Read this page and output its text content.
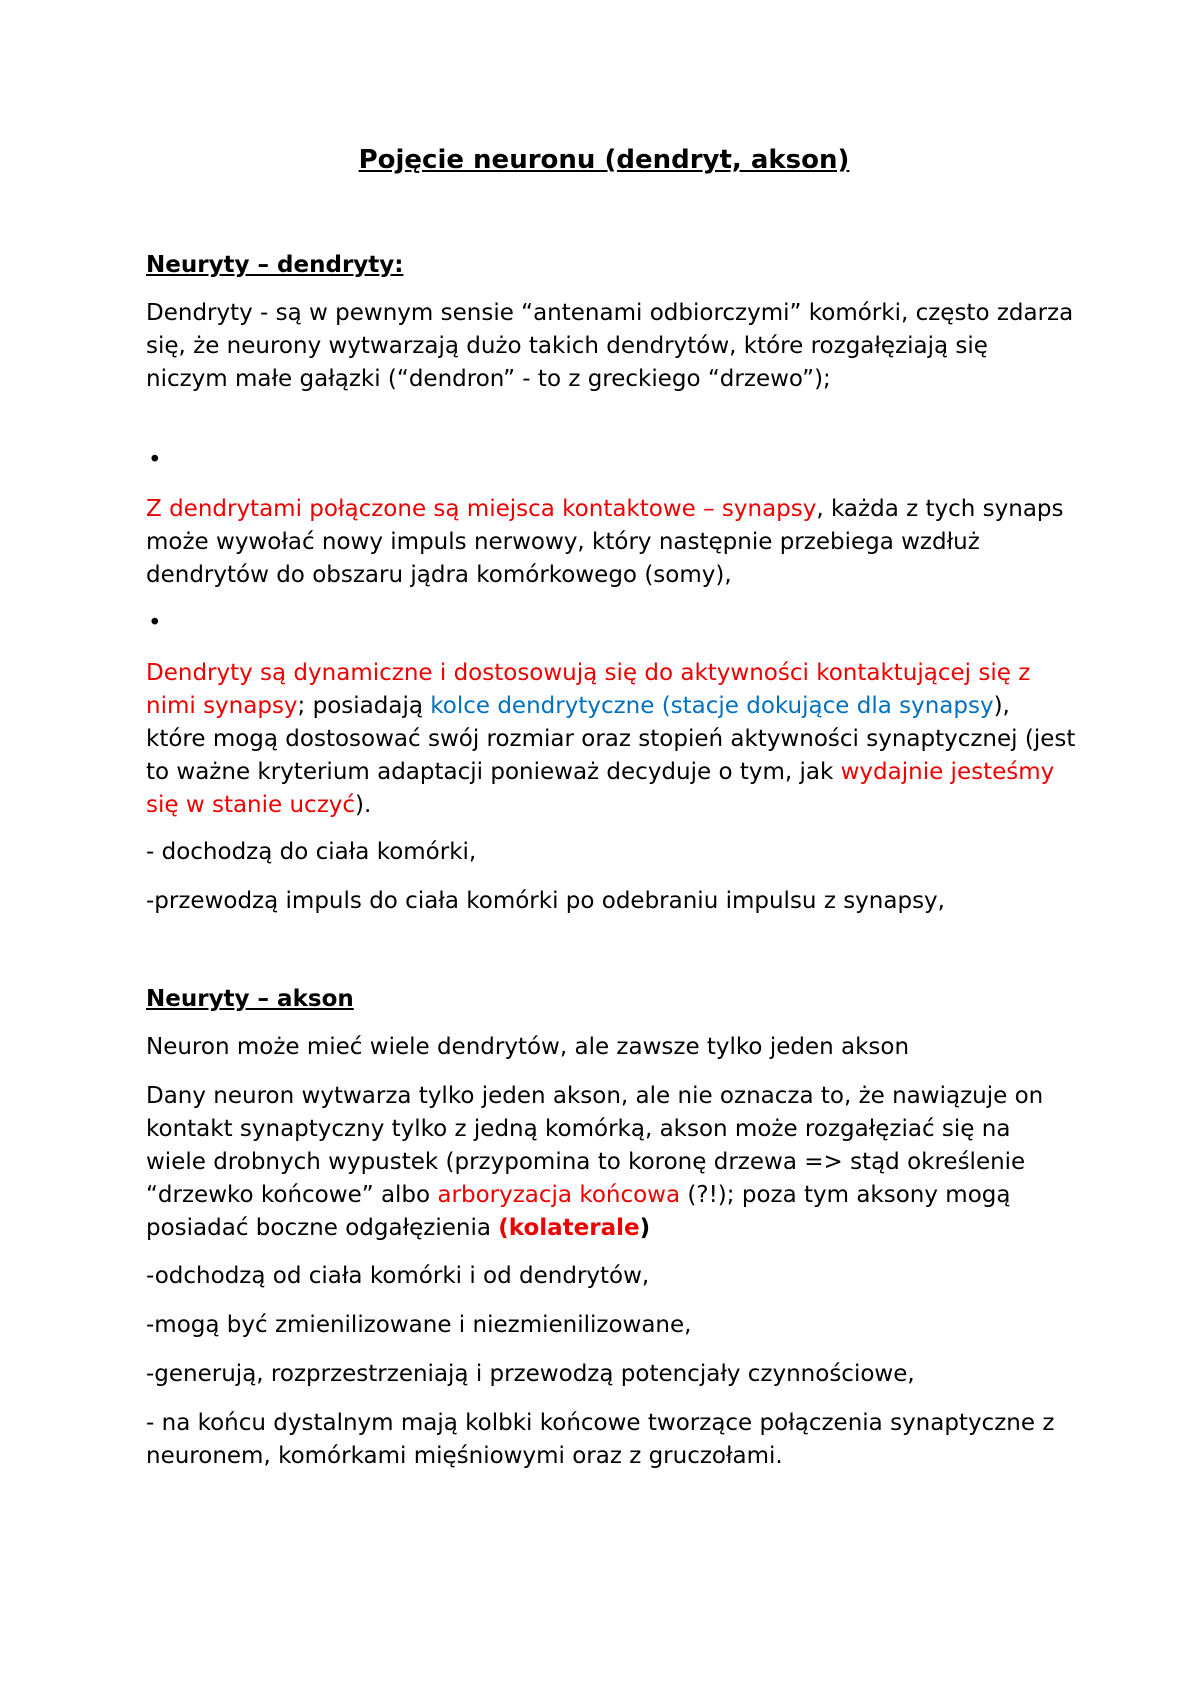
Pojęcie neuronu (dendryt, akson)

Neuryty – dendryty:

Dendryty - są w pewnym sensie “antenami odbiorczymi” komórki, często zdarza się, że neurony wytwarzają dużo takich dendrytów, które rozgałęziają się niczym małe gałązki (“dendron” - to z greckiego “drzewo”);

•

Z dendrytami połączone są miejsca kontaktowe – synapsy, każda z tych synaps może wywołać nowy impuls nerwowy, który następnie przebiega wzdłuż dendrytów do obszaru jądra komórkowego (somy),

•

Dendryty są dynamiczne i dostosowują się do aktywności kontaktującej się z nimi synapsy; posiadają kolce dendrytyczne (stacje dokujące dla synapsy), które mogą dostosować swój rozmiar oraz stopień aktywności synaptycznej (jest to ważne kryterium adaptacji ponieważ decyduje o tym, jak wydajnie jesteśmy się w stanie uczyć).

- dochodzą do ciała komórki,

-przewodzą impuls do ciała komórki po odebraniu impulsu z synapsy,

Neuryty – akson

Neuron może mieć wiele dendrytów, ale zawsze tylko jeden akson

Dany neuron wytwarza tylko jeden akson, ale nie oznacza to, że nawiązuje on kontakt synaptyczny tylko z jedną komórką, akson może rozgałęziać się na wiele drobnych wypustek (przypomina to koronę drzewa => stąd określenie “drzewko końcowe” albo arboryzacja końcowa (?!); poza tym aksony mogą posiadać boczne odgałęzienia (kolaterale)

-odchodzą od ciała komórki i od dendrytów,

-mogą być zmienilizowane i niezmienilizowane,

-generują, rozprzestrzeniają i przewodzą potencjały czynnościowe,

- na końcu dystalnym mają kolbki końcowe tworzące połączenia synaptyczne z neuronem, komórkami mięśniowymi oraz z gruczołami.
